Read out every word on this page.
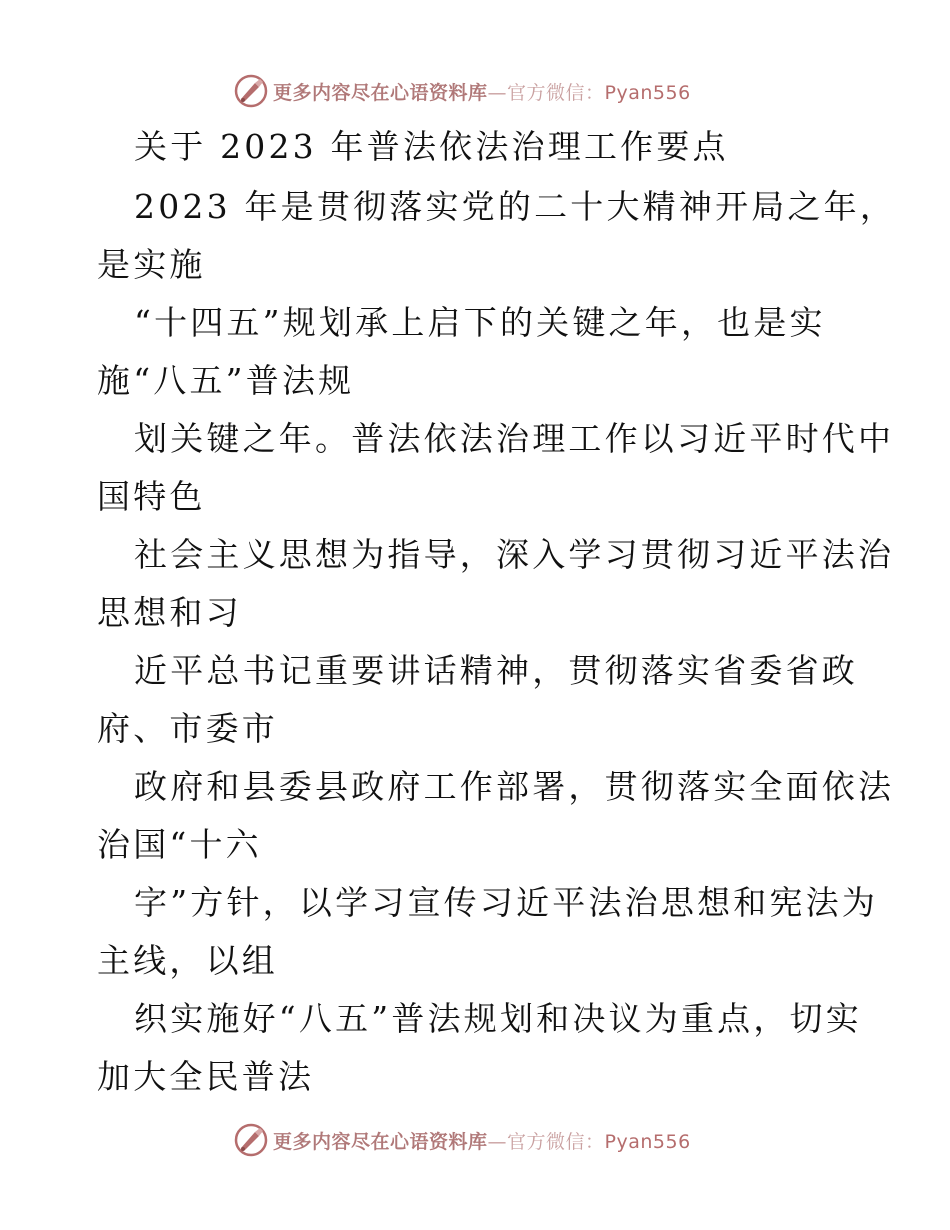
更多内容尽在心语资料库—官方微信：Pyan556
关于 2023 年普法依法治理工作要点
2023 年是贯彻落实党的二十大精神开局之年，
是实施
“十四五”规划承上启下的关键之年，也是实
施“八五”普法规
划关键之年。普法依法治理工作以习近平时代中
国特色
社会主义思想为指导，深入学习贯彻习近平法治
思想和习
近平总书记重要讲话精神，贯彻落实省委省政
府、市委市
政府和县委县政府工作部署，贯彻落实全面依法
治国“十六
字”方针，以学习宣传习近平法治思想和宪法为
主线，以组
织实施好“八五”普法规划和决议为重点，切实
加大全民普法
更多内容尽在心语资料库—官方微信：Pyan556
